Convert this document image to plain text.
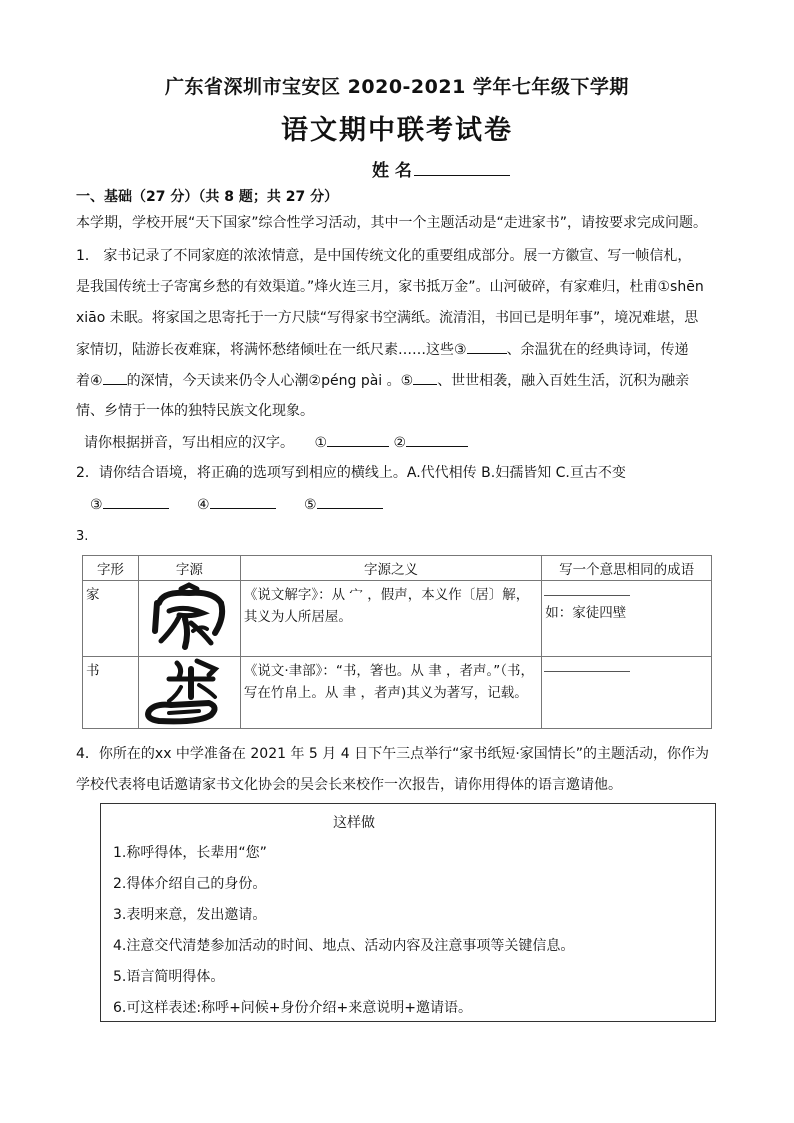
广东省深圳市宝安区 2020-2021 学年七年级下学期
语文期中联考试卷
姓 名
一、基础（27 分）（共 8 题；共 27 分）
本学期，学校开展“天下国家”综合性学习活动，其中一个主题活动是“走进家书”，请按要求完成问题。
1． 家书记录了不同家庭的浓浓情意，是中国传统文化的重要组成部分。展一方徽宣、写一帧信札，
是我国传统士子寄寓乡愁的有效渠道。”烽火连三月，家书抵万金”。山河破碎，有家难归，杜甫①shēn
xiāo 未眠。将家国之思寄托于一方尺牍“写得家书空满纸。流清泪，书回已是明年事”，境况难堪，思
家情切，陆游长夜难寐，将满怀愁绪倾吐在一纸尺素……这些③	、余温犹在的经典诗词，传递
着④ 的深情，今天读来仍令人心潮②péng pài 。⑤ 、世世相袭，融入百姓生活，沉积为融亲
情、乡情于一体的独特民族文化现象。
请你根据拼音，写出相应的汉字。 ①	②
2．请你结合语境，将正确的选项写到相应的横线上。A.代代相传 B.妇孺皆知 C.亘古不变
③	④	⑤
3.
字形	字源	字源之义	写一个意思相同的成语

家		《说文解字》：从 宀 ，假声，本义作〔居〕解，其义为人所居屋。	如：家徒四壁

书		《说文·聿部》：“书，箸也。从 聿 ，者声。”（书，写在竹帛上。从 聿 ，者声)其义为著写，记载。	

4．你所在的xx 中学准备在 2021 年 5 月 4 日下午三点举行“家书纸短·家国情长”的主题活动，你作为
学校代表将电话邀请家书文化协会的吴会长来校作一次报告，请你用得体的语言邀请他。
这样做
1.称呼得体，长辈用“您”
2.得体介绍自己的身份。
3.表明来意，发出邀请。
4.注意交代清楚参加活动的时间、地点、活动内容及注意事项等关键信息。
5.语言简明得体。
6.可这样表述:称呼+问候+身份介绍+来意说明+邀请语。
